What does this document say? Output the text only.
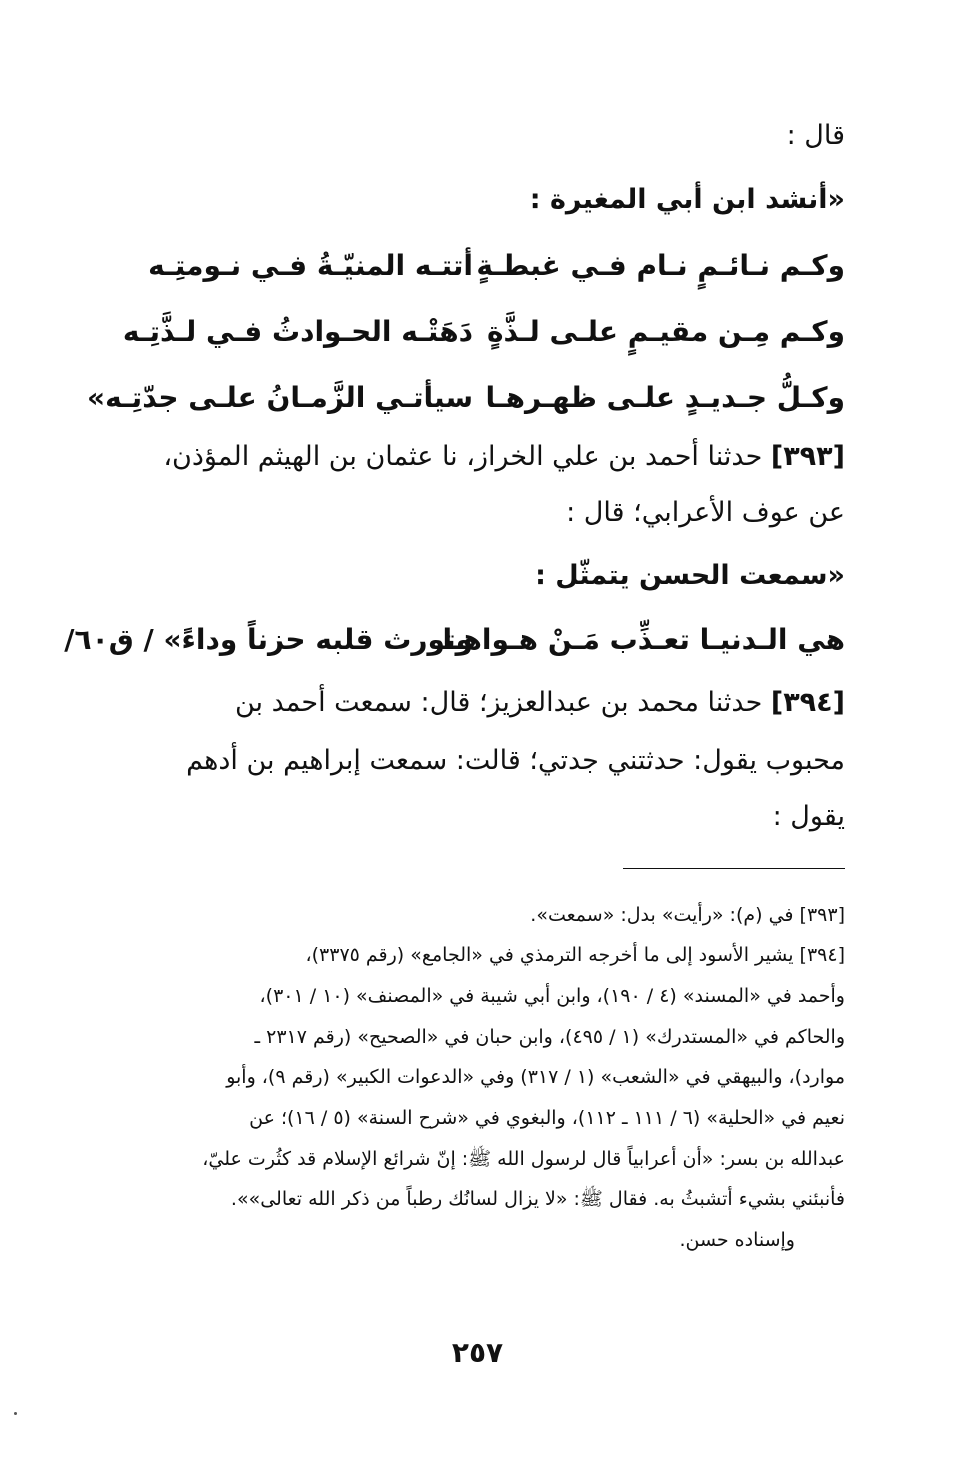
قال :
«أنشد ابن أبي المغيرة :
وكـم نـائـمٍ نـام فـي غبطـةٍ
أتتـه المنيّـةُ فـي نـومتِـه
وكـم مِـن مقيـمٍ علـى لـذَّةٍ
دَهَتْـه الحـوادثُ فـي لـذَّتِـه
وكـلُّ جـديـدٍ علـى ظهـرهـا
سيأتـي الزَّمـانُ علـى جدّتِـه»
[٣٩٣] حدثنا أحمد بن علي الخراز، نا عثمان بن الهيثم المؤذن،
عن عوف الأعرابي؛ قال :
«سمعت الحسن يتمثّل :
هي الـدنيـا تعـذِّب مَـنْ هـواهـا
وتورث قلبه حزناً وداءً» / ق٦٠/
[٣٩٤] حدثنا محمد بن عبدالعزيز؛ قال: سمعت أحمد بن
محبوب يقول: حدثتني جدتي؛ قالت: سمعت إبراهيم بن أدهم
يقول :
[٣٩٣] في (م): «رأيت» بدل: «سمعت».
[٣٩٤] يشير الأسود إلى ما أخرجه الترمذي في «الجامع» (رقم ٣٣٧٥)،
وأحمد في «المسند» (٤ / ١٩٠)، وابن أبي شيبة في «المصنف» (١٠ / ٣٠١)،
والحاكم في «المستدرك» (١ / ٤٩٥)، وابن حبان في «الصحيح» (رقم ٢٣١٧ ـ
موارد)، والبيهقي في «الشعب» (١ / ٣١٧) وفي «الدعوات الكبير» (رقم ٩)، وأبو
نعيم في «الحلية» (٦ / ١١١ ـ ١١٢)، والبغوي في «شرح السنة» (٥ / ١٦)؛ عن
عبدالله بن بسر: «أن أعرابياً قال لرسول الله ﷺ: إنّ شرائع الإسلام قد كثُرت عليّ،
فأنبئني بشيء أتشبثُ به. فقال ﷺ: «لا يزال لسانُك رطباً من ذكر الله تعالى»».
وإسناده حسن.
٢٥٧
